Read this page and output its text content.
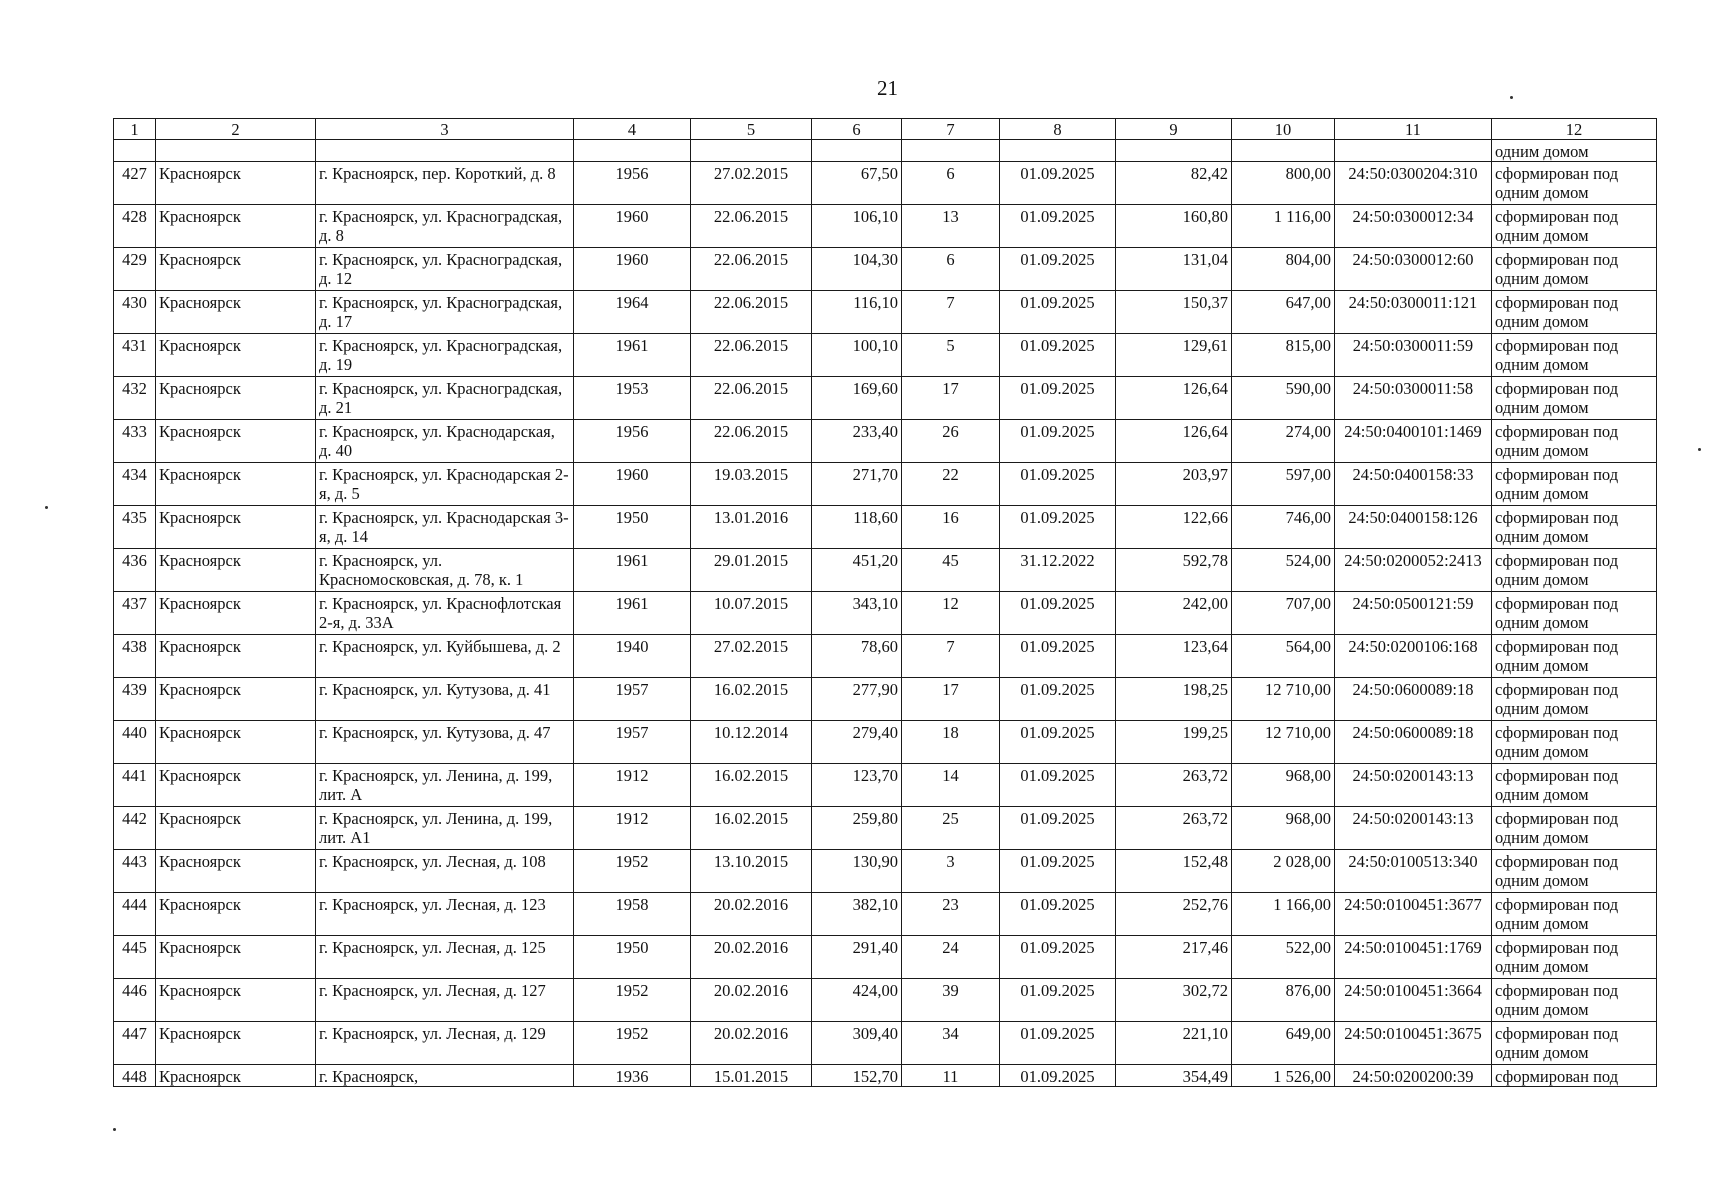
21
1	2	3	4	5	6	7	8	9	10	11	12
											одним домом
427	Красноярск	г. Красноярск, пер. Короткий, д. 8	1956	27.02.2015	67,50	6	01.09.2025	82,42	800,00	24:50:0300204:310	сформирован под
одним домом

428	Красноярск	г. Красноярск, ул. Красноградская, д. 8	1960	22.06.2015	106,10	13	01.09.2025	160,80	1 116,00	24:50:0300012:34	сформирован под
одним домом

429	Красноярск	г. Красноярск, ул. Красноградская, д. 12	1960	22.06.2015	104,30	6	01.09.2025	131,04	804,00	24:50:0300012:60	сформирован под
одним домом

430	Красноярск	г. Красноярск, ул. Красноградская, д. 17	1964	22.06.2015	116,10	7	01.09.2025	150,37	647,00	24:50:0300011:121	сформирован под
одним домом

431	Красноярск	г. Красноярск, ул. Красноградская, д. 19	1961	22.06.2015	100,10	5	01.09.2025	129,61	815,00	24:50:0300011:59	сформирован под
одним домом

432	Красноярск	г. Красноярск, ул. Красноградская, д. 21	1953	22.06.2015	169,60	17	01.09.2025	126,64	590,00	24:50:0300011:58	сформирован под
одним домом

433	Красноярск	г. Красноярск, ул. Краснодарская, д. 40	1956	22.06.2015	233,40	26	01.09.2025	126,64	274,00	24:50:0400101:1469	сформирован под
одним домом

434	Красноярск	г. Красноярск, ул. Краснодарская 2-я, д. 5	1960	19.03.2015	271,70	22	01.09.2025	203,97	597,00	24:50:0400158:33	сформирован под
одним домом

435	Красноярск	г. Красноярск, ул. Краснодарская 3-я, д. 14	1950	13.01.2016	118,60	16	01.09.2025	122,66	746,00	24:50:0400158:126	сформирован под
одним домом

436	Красноярск	г. Красноярск, ул. Красномосковская, д. 78, к. 1	1961	29.01.2015	451,20	45	31.12.2022	592,78	524,00	24:50:0200052:2413	сформирован под
одним домом

437	Красноярск	г. Красноярск, ул. Краснофлотская 2-я, д. 33А	1961	10.07.2015	343,10	12	01.09.2025	242,00	707,00	24:50:0500121:59	сформирован под
одним домом

438	Красноярск	г. Красноярск, ул. Куйбышева, д. 2	1940	27.02.2015	78,60	7	01.09.2025	123,64	564,00	24:50:0200106:168	сформирован под
одним домом

439	Красноярск	г. Красноярск, ул. Кутузова, д. 41	1957	16.02.2015	277,90	17	01.09.2025	198,25	12 710,00	24:50:0600089:18	сформирован под
одним домом

440	Красноярск	г. Красноярск, ул. Кутузова, д. 47	1957	10.12.2014	279,40	18	01.09.2025	199,25	12 710,00	24:50:0600089:18	сформирован под
одним домом

441	Красноярск	г. Красноярск, ул. Ленина, д. 199, лит. А	1912	16.02.2015	123,70	14	01.09.2025	263,72	968,00	24:50:0200143:13	сформирован под
одним домом

442	Красноярск	г. Красноярск, ул. Ленина, д. 199, лит. А1	1912	16.02.2015	259,80	25	01.09.2025	263,72	968,00	24:50:0200143:13	сформирован под
одним домом

443	Красноярск	г. Красноярск, ул. Лесная, д. 108	1952	13.10.2015	130,90	3	01.09.2025	152,48	2 028,00	24:50:0100513:340	сформирован под
одним домом

444	Красноярск	г. Красноярск, ул. Лесная, д. 123	1958	20.02.2016	382,10	23	01.09.2025	252,76	1 166,00	24:50:0100451:3677	сформирован под
одним домом

445	Красноярск	г. Красноярск, ул. Лесная, д. 125	1950	20.02.2016	291,40	24	01.09.2025	217,46	522,00	24:50:0100451:1769	сформирован под
одним домом

446	Красноярск	г. Красноярск, ул. Лесная, д. 127	1952	20.02.2016	424,00	39	01.09.2025	302,72	876,00	24:50:0100451:3664	сформирован под
одним домом

447	Красноярск	г. Красноярск, ул. Лесная, д. 129	1952	20.02.2016	309,40	34	01.09.2025	221,10	649,00	24:50:0100451:3675	сформирован под
одним домом

448	Красноярск	г. Красноярск,	1936	15.01.2015	152,70	11	01.09.2025	354,49	1 526,00	24:50:0200200:39	сформирован под
